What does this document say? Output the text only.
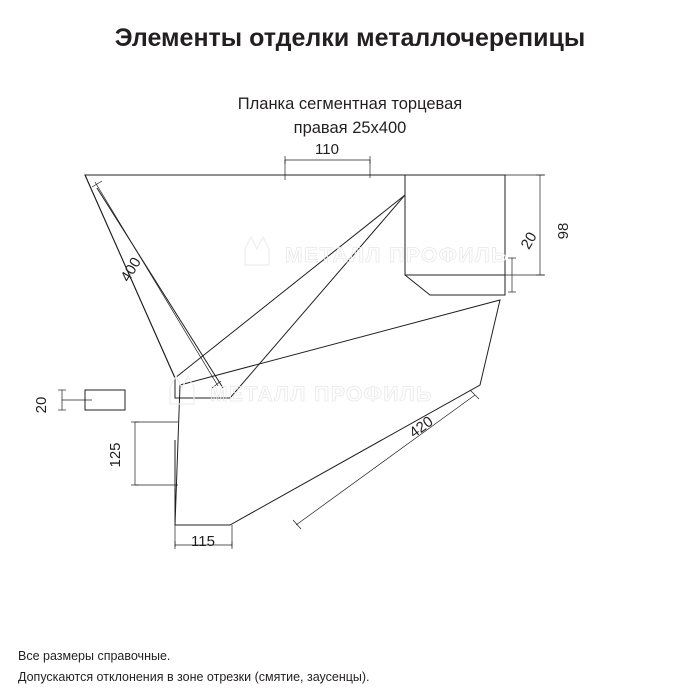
Элементы отделки металлочерепицы
Планка сегментная торцевая
правая 25x400
110
98
20
400
420
20
125
115
МЕТАЛЛ ПРОФИЛЬ
МЕТАЛЛ ПРОФИЛЬ
Все размеры справочные.
Допускаются отклонения в зоне отрезки (смятие, заусенцы).
